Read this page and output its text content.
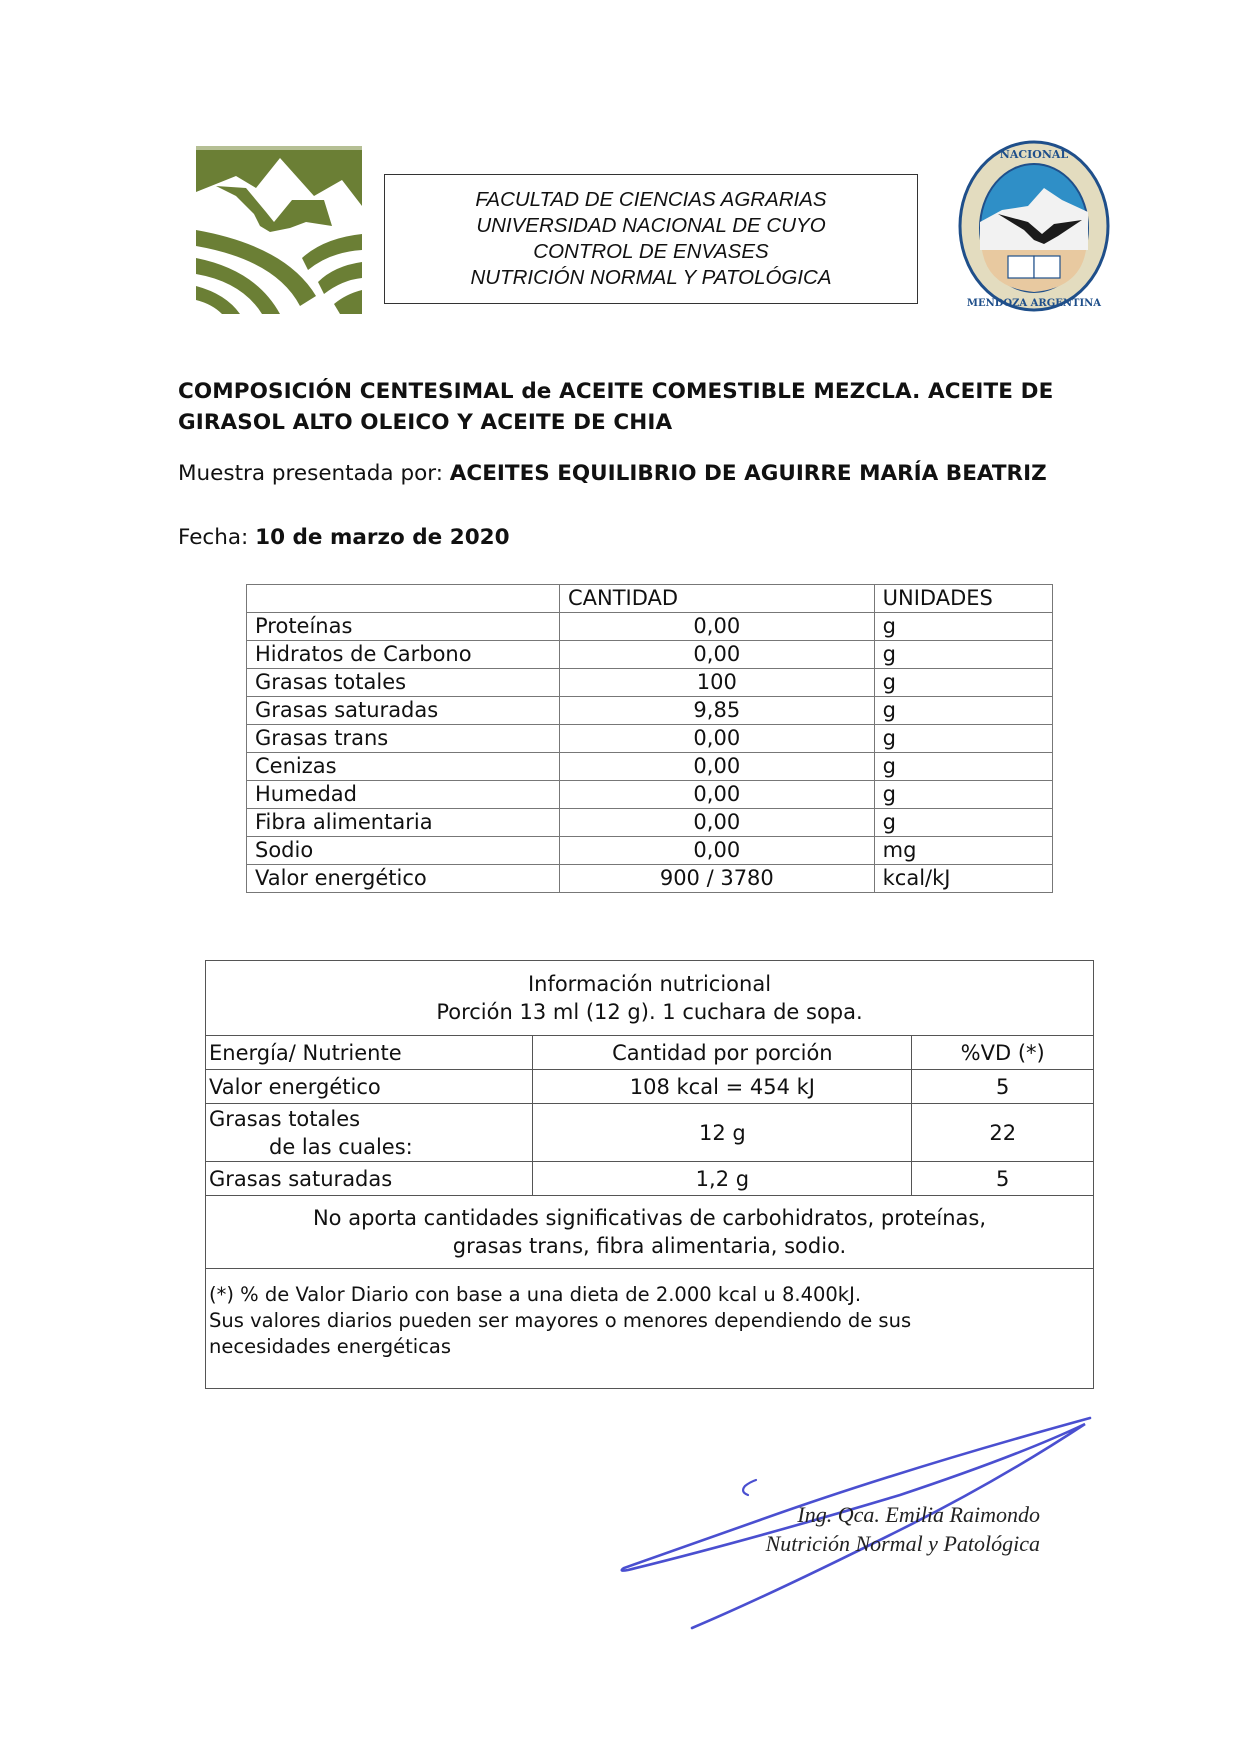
FACULTAD DE CIENCIAS AGRARIAS
UNIVERSIDAD NACIONAL DE CUYO
CONTROL DE ENVASES
NUTRICIÓN NORMAL Y PATOLÓGICA
NACIONAL
MENDOZA ARGENTINA
COMPOSICIÓN CENTESIMAL de ACEITE COMESTIBLE MEZCLA. ACEITE DE GIRASOL ALTO OLEICO Y ACEITE DE CHIA
Muestra presentada por: ACEITES EQUILIBRIO DE AGUIRRE MARÍA BEATRIZ
Fecha: 10 de marzo de 2020
	CANTIDAD	UNIDADES
Proteínas	0,00	g
Hidratos de Carbono	0,00	g
Grasas totales	100	g
Grasas saturadas	9,85	g
Grasas trans	0,00	g
Cenizas	0,00	g
Humedad	0,00	g
Fibra alimentaria	0,00	g
Sodio	0,00	mg
Valor energético	900 / 3780	kcal/kJ
Información nutricional
Porción 13 ml (12 g). 1 cuchara de sopa.		

Energía/ Nutriente	Cantidad por porción	%VD (*)
Valor energético	108 kcal = 454 kJ	5

Grasas totales
de las cuales:	12 g	22
Grasas saturadas	1,2 g	5

No aporta cantidades significativas de carbohidratos, proteínas,
grasas trans, fibra alimentaria, sodio.		

(*) % de Valor Diario con base a una dieta de 2.000 kcal u 8.400kJ.
Sus valores diarios pueden ser mayores o menores dependiendo de sus
necesidades energéticas		
Ing. Qca. Emilia Raimondo
Nutrición Normal y Patológica
